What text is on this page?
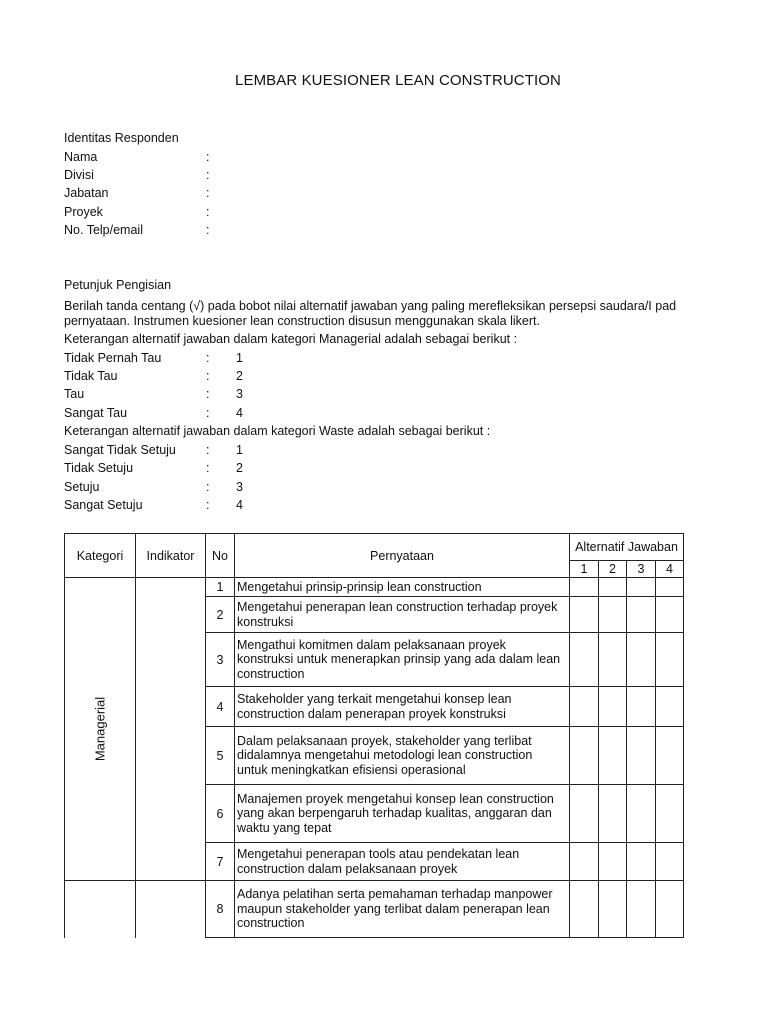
LEMBAR KUESIONER LEAN CONSTRUCTION
Identitas Responden
Nama	:
Divisi	:
Jabatan	:
Proyek	:
No. Telp/email	:
Petunjuk Pengisian
Berilah tanda centang (√) pada bobot nilai alternatif jawaban yang paling merefleksikan persepsi saudara/I pad
pernyataan. Instrumen kuesioner lean construction disusun menggunakan skala likert.
Keterangan alternatif jawaban dalam kategori Managerial adalah sebagai berikut :
Tidak Pernah Tau	: 1
Tidak Tau	: 2
Tau	: 3
Sangat Tau	: 4
Keterangan alternatif jawaban dalam kategori Waste adalah sebagai berikut :
Sangat Tidak Setuju : 1
Tidak Setuju	: 2
Setuju	: 3
Sangat Setuju	: 4
Kategori	Indikator	No	Pernyataan	Alternatif Jawaban			
				1	2	3	4

Managerial		1	Mengetahui prinsip-prinsip lean construction				

		2	Mengetahui penerapan lean construction terhadap proyek
konstruksi				

		3	Mengathui komitmen dalam pelaksanaan proyek
konstruksi untuk menerapkan prinsip yang ada dalam lean
construction				

		4	Stakeholder yang terkait mengetahui konsep lean
construction dalam penerapan proyek konstruksi				

		5	Dalam pelaksanaan proyek, stakeholder yang terlibat
didalamnya mengetahui metodologi lean construction
untuk meningkatkan efisiensi operasional				

		6	Manajemen proyek mengetahui konsep lean construction
yang akan berpengaruh terhadap kualitas, anggaran dan
waktu yang tepat				

		7	Mengetahui penerapan tools atau pendekatan lean
construction dalam pelaksanaan proyek				

		8	Adanya pelatihan serta pemahaman terhadap manpower
maupun stakeholder yang terlibat dalam penerapan lean
construction				
